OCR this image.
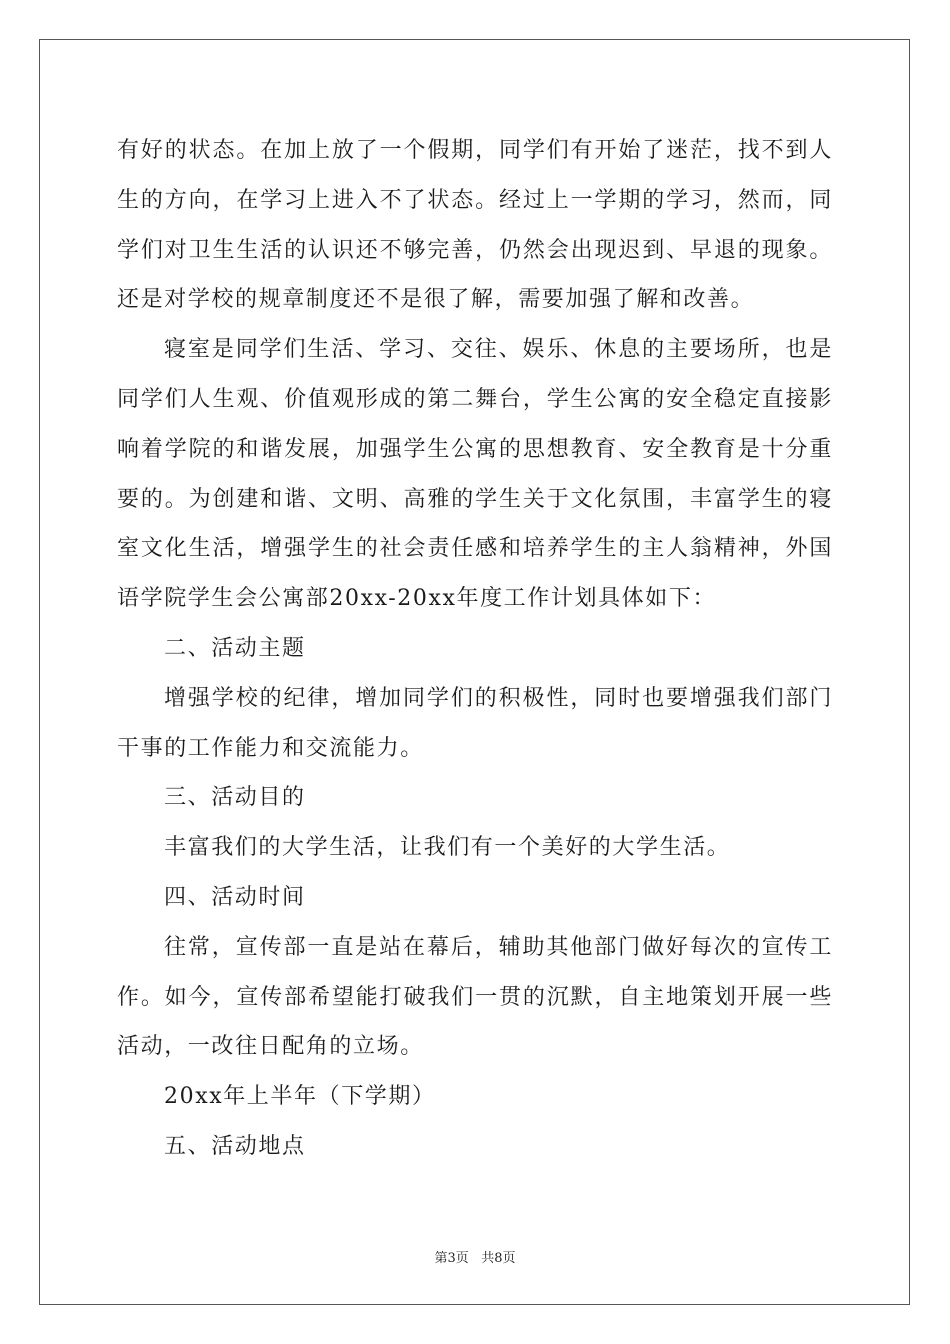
有好的状态。在加上放了一个假期，同学们有开始了迷茫，找不到人生的方向，在学习上进入不了状态。经过上一学期的学习，然而，同学们对卫生生活的认识还不够完善，仍然会出现迟到、早退的现象。还是对学校的规章制度还不是很了解，需要加强了解和改善。

寝室是同学们生活、学习、交往、娱乐、休息的主要场所，也是同学们人生观、价值观形成的第二舞台，学生公寓的安全稳定直接影响着学院的和谐发展，加强学生公寓的思想教育、安全教育是十分重要的。为创建和谐、文明、高雅的学生关于文化氛围，丰富学生的寝室文化生活，增强学生的社会责任感和培养学生的主人翁精神，外国语学院学生会公寓部20xx-20xx年度工作计划具体如下：

二、活动主题

增强学校的纪律，增加同学们的积极性，同时也要增强我们部门干事的工作能力和交流能力。

三、活动目的

丰富我们的大学生活，让我们有一个美好的大学生活。

四、活动时间

往常，宣传部一直是站在幕后，辅助其他部门做好每次的宣传工作。如今，宣传部希望能打破我们一贯的沉默，自主地策划开展一些活动，一改往日配角的立场。

20xx年上半年（下学期）

五、活动地点

第3页 共8页
